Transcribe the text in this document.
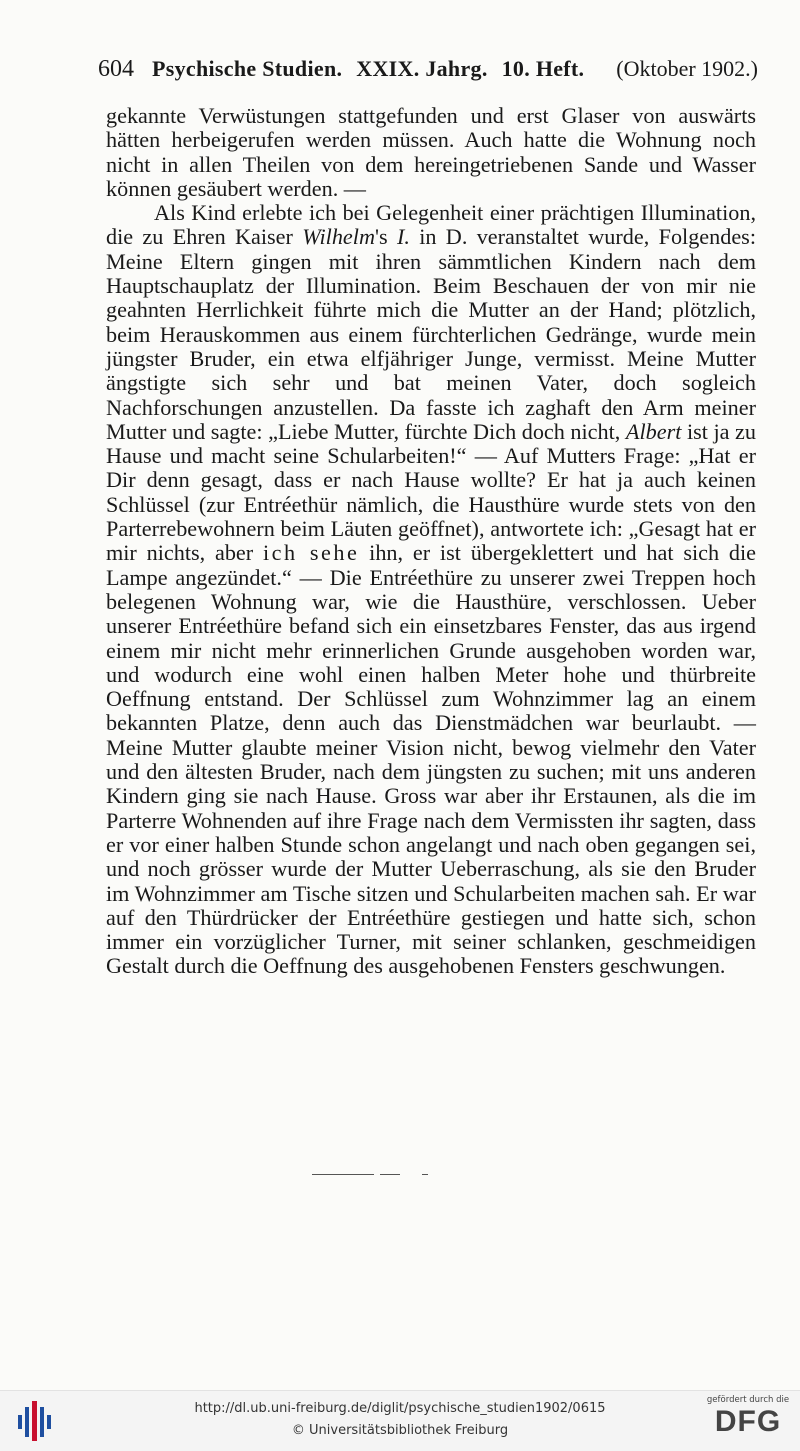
604 Psychische Studien. XXIX. Jahrg. 10. Heft.	(Oktober 1902.)

gekannte Verwüstungen stattgefunden und erst Glaser von auswärts hätten herbeigerufen werden müssen. Auch hatte die Wohnung noch nicht in allen Theilen von dem hereingetriebenen Sande und Wasser können gesäubert werden. —

Als Kind erlebte ich bei Gelegenheit einer prächtigen Illumination, die zu Ehren Kaiser Wilhelm's I. in D. veranstaltet wurde, Folgendes: Meine Eltern gingen mit ihren sämmtlichen Kindern nach dem Hauptschauplatz der Illumination. Beim Beschauen der von mir nie geahnten Herrlichkeit führte mich die Mutter an der Hand; plötzlich, beim Herauskommen aus einem fürchterlichen Gedränge, wurde mein jüngster Bruder, ein etwa elfjähriger Junge, vermisst. Meine Mutter ängstigte sich sehr und bat meinen Vater, doch sogleich Nachforschungen anzustellen. Da fasste ich zaghaft den Arm meiner Mutter und sagte: „Liebe Mutter, fürchte Dich doch nicht, Albert ist ja zu Hause und macht seine Schularbeiten!“ — Auf Mutters Frage: „Hat er Dir denn gesagt, dass er nach Hause wollte? Er hat ja auch keinen Schlüssel (zur Entréethür nämlich, die Hausthüre wurde stets von den Parterrebewohnern beim Läuten geöffnet), antwortete ich: „Gesagt hat er mir nichts, aber ich sehe ihn, er ist übergeklettert und hat sich die Lampe angezündet.“ — Die Entréethüre zu unserer zwei Treppen hoch belegenen Wohnung war, wie die Hausthüre, verschlossen. Ueber unserer Entréethüre befand sich ein einsetzbares Fenster, das aus irgend einem mir nicht mehr erinnerlichen Grunde ausgehoben worden war, und wodurch eine wohl einen halben Meter hohe und thürbreite Oeffnung entstand. Der Schlüssel zum Wohnzimmer lag an einem bekannten Platze, denn auch das Dienstmädchen war beurlaubt. — Meine Mutter glaubte meiner Vision nicht, bewog vielmehr den Vater und den ältesten Bruder, nach dem jüngsten zu suchen; mit uns anderen Kindern ging sie nach Hause. Gross war aber ihr Erstaunen, als die im Parterre Wohnenden auf ihre Frage nach dem Vermissten ihr sagten, dass er vor einer halben Stunde schon angelangt und nach oben gegangen sei, und noch grösser wurde der Mutter Ueberraschung, als sie den Bruder im Wohnzimmer am Tische sitzen und Schularbeiten machen sah. Er war auf den Thürdrücker der Entréethüre gestiegen und hatte sich, schon immer ein vorzüglicher Turner, mit seiner schlanken, geschmeidigen Gestalt durch die Oeffnung des ausgehobenen Fensters geschwungen.

http://dl.ub.uni-freiburg.de/diglit/psychische_studien1902/0615
© Universitätsbibliothek Freiburg
gefördert durch die
DFG
